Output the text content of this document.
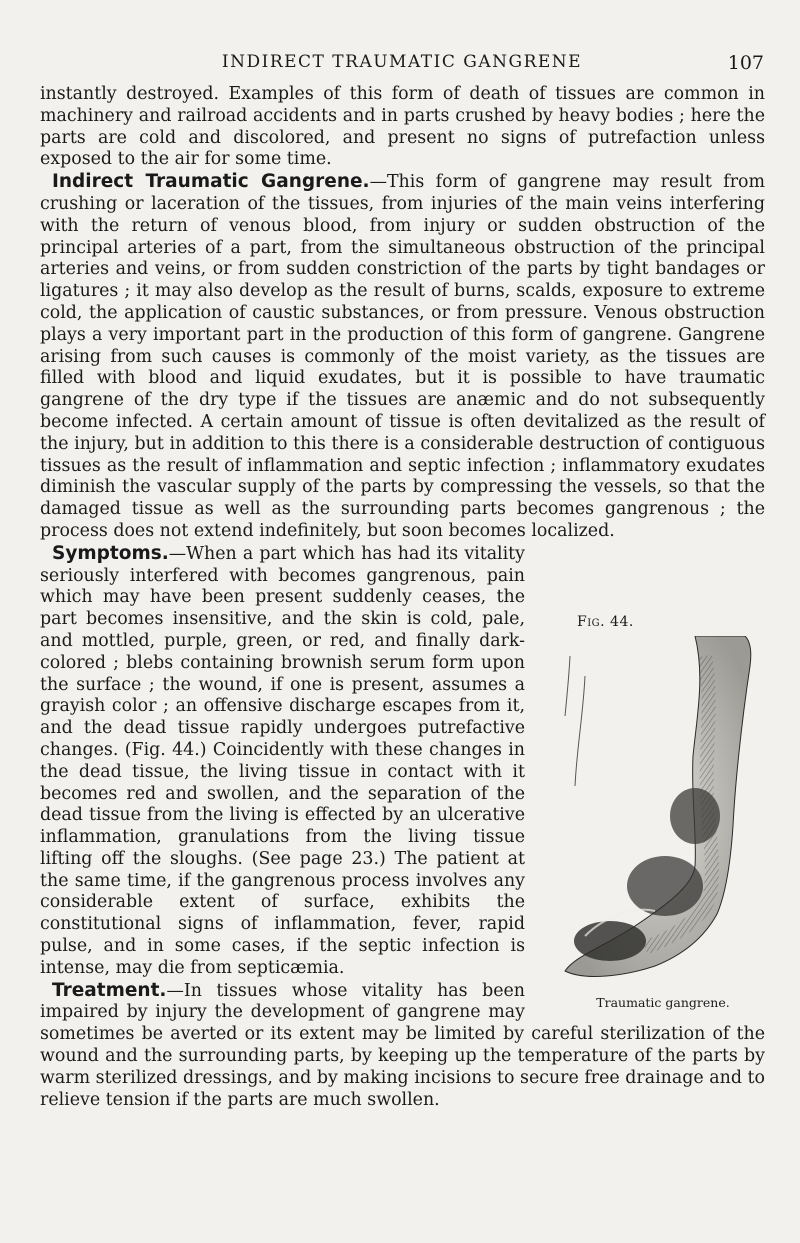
INDIRECT TRAUMATIC GANGRENE	107

instantly destroyed. Examples of this form of death of tissues are common in machinery and railroad accidents and in parts crushed by heavy bodies ; here the parts are cold and discolored, and present no signs of putrefaction unless exposed to the air for some time.

Indirect Traumatic Gangrene.—This form of gangrene may result from crushing or laceration of the tissues, from injuries of the main veins interfering with the return of venous blood, from injury or sudden obstruction of the principal arteries of a part, from the simultaneous obstruction of the principal arteries and veins, or from sudden constriction of the parts by tight bandages or ligatures ; it may also develop as the result of burns, scalds, exposure to extreme cold, the application of caustic substances, or from pressure. Venous obstruction plays a very important part in the production of this form of gangrene. Gangrene arising from such causes is commonly of the moist variety, as the tissues are filled with blood and liquid exudates, but it is possible to have traumatic gangrene of the dry type if the tissues are anæmic and do not subsequently become infected. A certain amount of tissue is often devitalized as the result of the injury, but in addition to this there is a considerable destruction of contiguous tissues as the result of inflammation and septic infection ; inflammatory exudates diminish the vascular supply of the parts by compressing the vessels, so that the damaged tissue as well as the surrounding parts becomes gangrenous ; the process does not extend indefinitely, but soon becomes localized.

Fig. 44.
Traumatic gangrene.
Symptoms.—When a part which has had its vitality seriously interfered with becomes gangrenous, pain which may have been present suddenly ceases, the part becomes insensitive, and the skin is cold, pale, and mottled, purple, green, or red, and finally dark-colored ; blebs containing brownish serum form upon the surface ; the wound, if one is present, assumes a grayish color ; an offensive discharge escapes from it, and the dead tissue rapidly undergoes putrefactive changes. (Fig. 44.) Coincidently with these changes in the dead tissue, the living tissue in contact with it becomes red and swollen, and the separation of the dead tissue from the living is effected by an ulcerative inflammation, granulations from the living tissue lifting off the sloughs. (See page 23.) The patient at the same time, if the gangrenous process involves any considerable extent of surface, exhibits the constitutional signs of inflammation, fever, rapid pulse, and in some cases, if the septic infection is intense, may die from septicæmia.

Treatment.—In tissues whose vitality has been impaired by injury the development of gangrene may sometimes be averted or its extent may be limited by careful sterilization of the wound and the surrounding parts, by keeping up the temperature of the parts by warm sterilized dressings, and by making incisions to secure free drainage and to relieve tension if the parts are much swollen.
